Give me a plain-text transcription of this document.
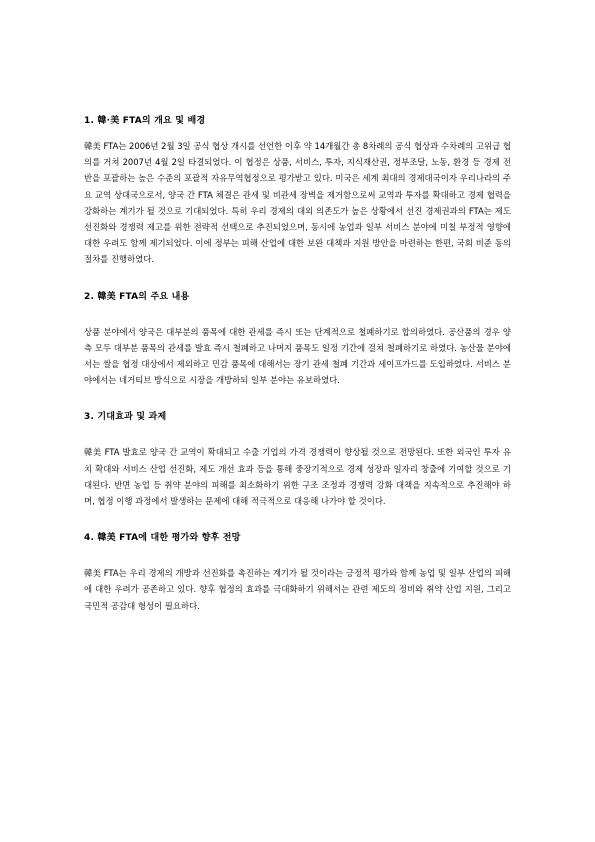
1. 韓·美 FTA의 개요 및 배경

韓美 FTA는 2006년 2월 3일 공식 협상 개시를 선언한 이후 약 14개월간 총 8차례의 공식 협상과 수차례의 고위급 협의를 거쳐 2007년 4월 2일 타결되었다. 이 협정은 상품, 서비스, 투자, 지식재산권, 정부조달, 노동, 환경 등 경제 전반을 포괄하는 높은 수준의 포괄적 자유무역협정으로 평가받고 있다. 미국은 세계 최대의 경제대국이자 우리나라의 주요 교역 상대국으로서, 양국 간 FTA 체결은 관세 및 비관세 장벽을 제거함으로써 교역과 투자를 확대하고 경제 협력을 강화하는 계기가 될 것으로 기대되었다. 특히 우리 경제의 대외 의존도가 높은 상황에서 선진 경제권과의 FTA는 제도 선진화와 경쟁력 제고를 위한 전략적 선택으로 추진되었으며, 동시에 농업과 일부 서비스 분야에 미칠 부정적 영향에 대한 우려도 함께 제기되었다. 이에 정부는 피해 산업에 대한 보완 대책과 지원 방안을 마련하는 한편, 국회 비준 동의 절차를 진행하였다.

2. 韓美 FTA의 주요 내용

상품 분야에서 양국은 대부분의 품목에 대한 관세를 즉시 또는 단계적으로 철폐하기로 합의하였다. 공산품의 경우 양측 모두 대부분 품목의 관세를 발효 즉시 철폐하고 나머지 품목도 일정 기간에 걸쳐 철폐하기로 하였다. 농산물 분야에서는 쌀을 협정 대상에서 제외하고 민감 품목에 대해서는 장기 관세 철폐 기간과 세이프가드를 도입하였다. 서비스 분야에서는 네거티브 방식으로 시장을 개방하되 일부 분야는 유보하였다.

3. 기대효과 및 과제

韓美 FTA 발효로 양국 간 교역이 확대되고 수출 기업의 가격 경쟁력이 향상될 것으로 전망된다. 또한 외국인 투자 유치 확대와 서비스 산업 선진화, 제도 개선 효과 등을 통해 중장기적으로 경제 성장과 일자리 창출에 기여할 것으로 기대된다. 반면 농업 등 취약 분야의 피해를 최소화하기 위한 구조 조정과 경쟁력 강화 대책을 지속적으로 추진해야 하며, 협정 이행 과정에서 발생하는 문제에 대해 적극적으로 대응해 나가야 할 것이다.

4. 韓美 FTA에 대한 평가와 향후 전망

韓美 FTA는 우리 경제의 개방과 선진화를 촉진하는 계기가 될 것이라는 긍정적 평가와 함께 농업 및 일부 산업의 피해에 대한 우려가 공존하고 있다. 향후 협정의 효과를 극대화하기 위해서는 관련 제도의 정비와 취약 산업 지원, 그리고 국민적 공감대 형성이 필요하다.
